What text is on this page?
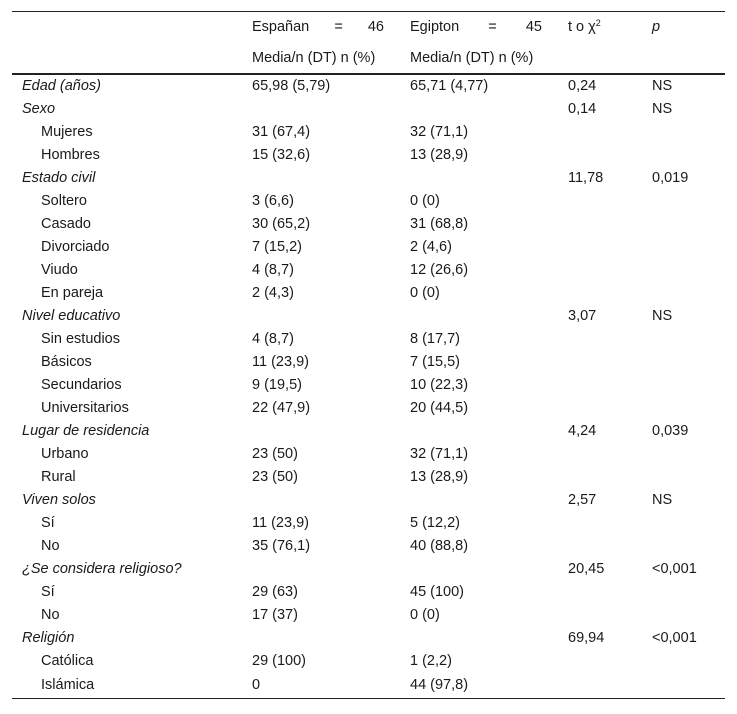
	Españan = 46	Egipton = 45	t o $\chi^2$	p
	Media/n (DT) n (%)	Media/n (DT) n (%)		
Edad (años)	65,98 (5,79)	65,71 (4,77)	0,24	NS
Sexo			0,14	NS
Mujeres	31 (67,4)	32 (71,1)		
Hombres	15 (32,6)	13 (28,9)		
Estado civil			11,78	0,019
Soltero	3 (6,6)	0 (0)		
Casado	30 (65,2)	31 (68,8)		
Divorciado	7 (15,2)	2 (4,6)		
Viudo	4 (8,7)	12 (26,6)		
En pareja	2 (4,3)	0 (0)		
Nivel educativo			3,07	NS
Sin estudios	4 (8,7)	8 (17,7)		
Básicos	11 (23,9)	7 (15,5)		
Secundarios	9 (19,5)	10 (22,3)		
Universitarios	22 (47,9)	20 (44,5)		
Lugar de residencia			4,24	0,039
Urbano	23 (50)	32 (71,1)		
Rural	23 (50)	13 (28,9)		
Viven solos			2,57	NS
Sí	11 (23,9)	5 (12,2)		
No	35 (76,1)	40 (88,8)		
¿Se considera religioso?			20,45	<0,001
Sí	29 (63)	45 (100)		
No	17 (37)	0 (0)		
Religión			69,94	<0,001
Católica	29 (100)	1 (2,2)		
Islámica	0	44 (97,8)		
